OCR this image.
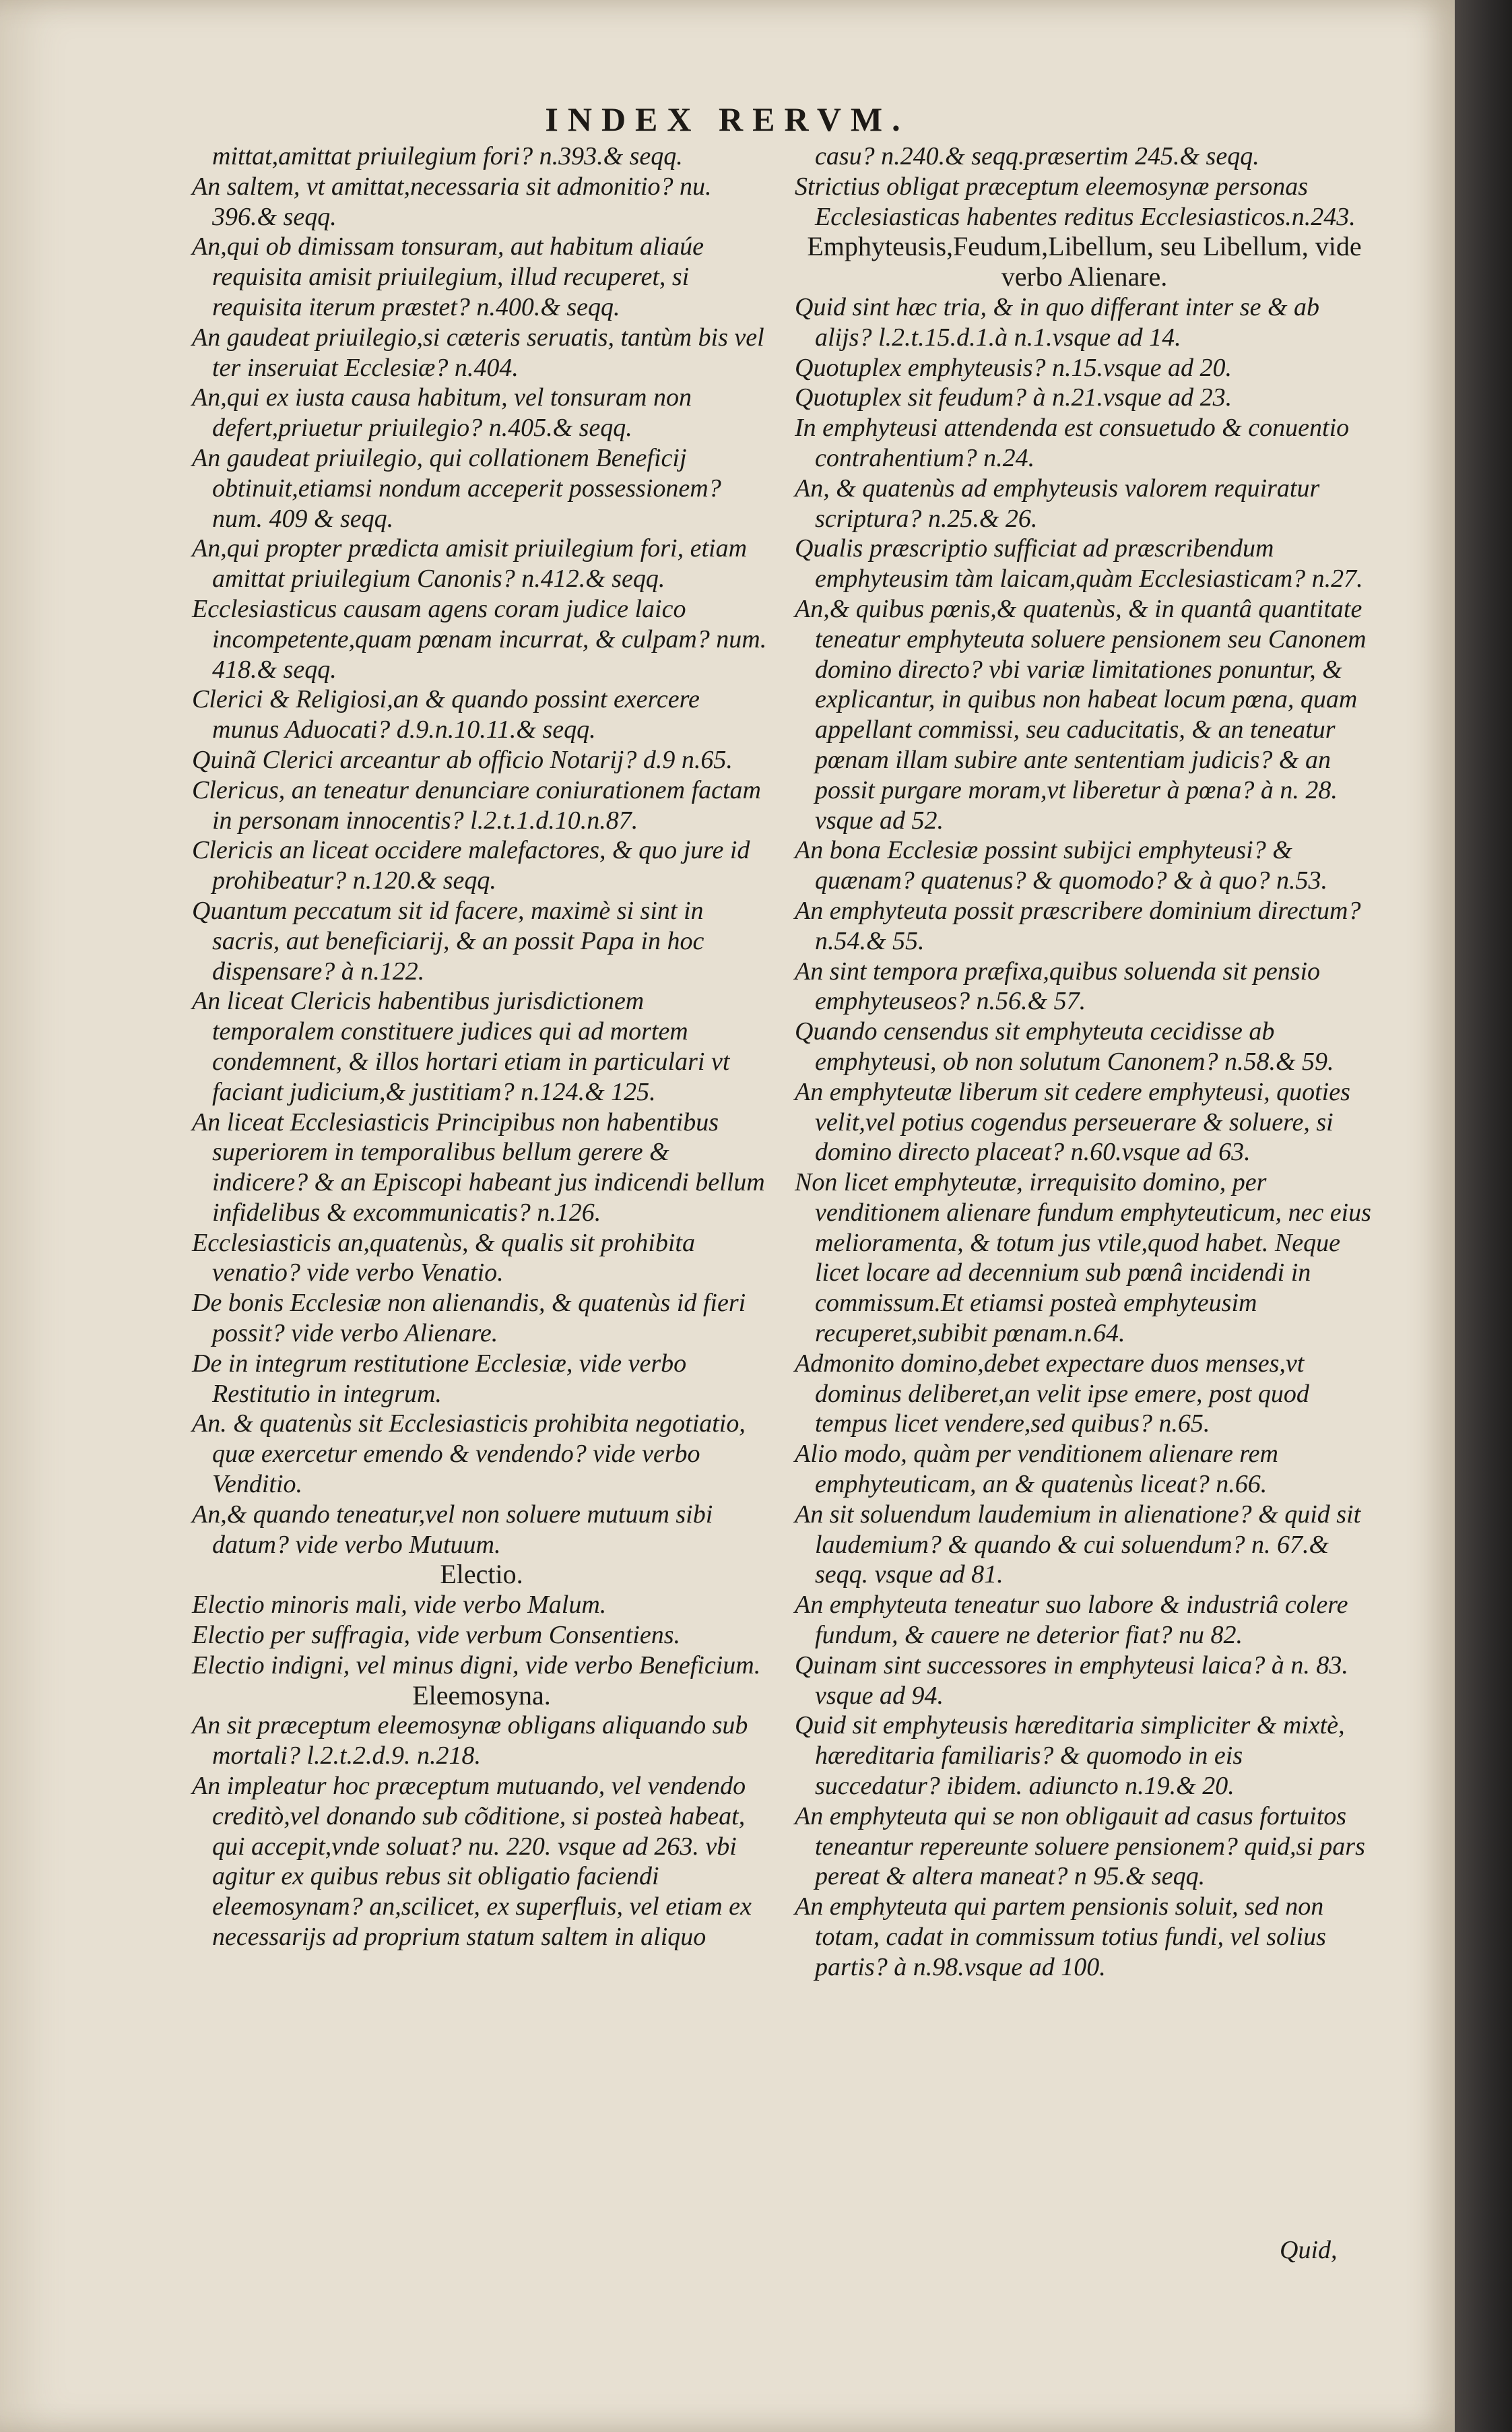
INDEX RERVM.

mittat,amittat priuilegium fori? n.393.& seqq.

An saltem, vt amittat,necessaria sit admonitio? nu. 396.& seqq.

An,qui ob dimissam tonsuram, aut habitum aliaúe requisita amisit priuilegium, illud recuperet, si requisita iterum præstet? n.400.& seqq.

An gaudeat priuilegio,si cæteris seruatis, tantùm bis vel ter inseruiat Ecclesiæ? n.404.

An,qui ex iusta causa habitum, vel tonsuram non defert,priuetur priuilegio? n.405.& seqq.

An gaudeat priuilegio, qui collationem Beneficij obtinuit,etiamsi nondum acceperit possessionem? num. 409 & seqq.

An,qui propter prædicta amisit priuilegium fori, etiam amittat priuilegium Canonis? n.412.& seqq.

Ecclesiasticus causam agens coram judice laico incompetente,quam pœnam incurrat, & culpam? num. 418.& seqq.

Clerici & Religiosi,an & quando possint exercere munus Aduocati? d.9.n.10.11.& seqq.

Quinã Clerici arceantur ab officio Notarij? d.9 n.65.

Clericus, an teneatur denunciare coniurationem factam in personam innocentis? l.2.t.1.d.10.n.87.

Clericis an liceat occidere malefactores, & quo jure id prohibeatur? n.120.& seqq.

Quantum peccatum sit id facere, maximè si sint in sacris, aut beneficiarij, & an possit Papa in hoc dispensare? à n.122.

An liceat Clericis habentibus jurisdictionem temporalem constituere judices qui ad mortem condemnent, & illos hortari etiam in particulari vt faciant judicium,& justitiam? n.124.& 125.

An liceat Ecclesiasticis Principibus non habentibus superiorem in temporalibus bellum gerere & indicere? & an Episcopi habeant jus indicendi bellum infidelibus & excommunicatis? n.126.

Ecclesiasticis an,quatenùs, & qualis sit prohibita venatio? vide verbo Venatio.

De bonis Ecclesiæ non alienandis, & quatenùs id fieri possit? vide verbo Alienare.

De in integrum restitutione Ecclesiæ, vide verbo Restitutio in integrum.

An. & quatenùs sit Ecclesiasticis prohibita negotiatio, quæ exercetur emendo & vendendo? vide verbo Venditio.

An,& quando teneatur,vel non soluere mutuum sibi datum? vide verbo Mutuum.

Electio.

Electio minoris mali, vide verbo Malum.

Electio per suffragia, vide verbum Consentiens.

Electio indigni, vel minus digni, vide verbo Beneficium.

Eleemosyna.

An sit præceptum eleemosynæ obligans aliquando sub mortali? l.2.t.2.d.9. n.218.

An impleatur hoc præceptum mutuando, vel vendendo creditò,vel donando sub cõditione, si posteà habeat, qui accepit,vnde soluat? nu. 220. vsque ad 263. vbi agitur ex quibus rebus sit obligatio faciendi eleemosynam? an,scilicet, ex superfluis, vel etiam ex necessarijs ad proprium statum saltem in aliquo

casu? n.240.& seqq.præsertim 245.& seqq.

Strictius obligat præceptum eleemosynæ personas Ecclesiasticas habentes reditus Ecclesiasticos.n.243.

Emphyteusis,Feudum,Libellum, seu Libellum, vide verbo Alienare.

Quid sint hæc tria, & in quo differant inter se & ab alijs? l.2.t.15.d.1.à n.1.vsque ad 14.

Quotuplex emphyteusis? n.15.vsque ad 20.

Quotuplex sit feudum? à n.21.vsque ad 23.

In emphyteusi attendenda est consuetudo & conuentio contrahentium? n.24.

An, & quatenùs ad emphyteusis valorem requiratur scriptura? n.25.& 26.

Qualis præscriptio sufficiat ad præscribendum emphyteusim tàm laicam,quàm Ecclesiasticam? n.27.

An,& quibus pœnis,& quatenùs, & in quantâ quantitate teneatur emphyteuta soluere pensionem seu Canonem domino directo? vbi variæ limitationes ponuntur, & explicantur, in quibus non habeat locum pœna, quam appellant commissi, seu caducitatis, & an teneatur pœnam illam subire ante sententiam judicis? & an possit purgare moram,vt liberetur à pœna? à n. 28. vsque ad 52.

An bona Ecclesiæ possint subijci emphyteusi? & quænam? quatenus? & quomodo? & à quo? n.53.

An emphyteuta possit præscribere dominium directum? n.54.& 55.

An sint tempora præfixa,quibus soluenda sit pensio emphyteuseos? n.56.& 57.

Quando censendus sit emphyteuta cecidisse ab emphyteusi, ob non solutum Canonem? n.58.& 59.

An emphyteutæ liberum sit cedere emphyteusi, quoties velit,vel potius cogendus perseuerare & soluere, si domino directo placeat? n.60.vsque ad 63.

Non licet emphyteutæ, irrequisito domino, per venditionem alienare fundum emphyteuticum, nec eius melioramenta, & totum jus vtile,quod habet. Neque licet locare ad decennium sub pœnâ incidendi in commissum.Et etiamsi posteà emphyteusim recuperet,subibit pœnam.n.64.

Admonito domino,debet expectare duos menses,vt dominus deliberet,an velit ipse emere, post quod tempus licet vendere,sed quibus? n.65.

Alio modo, quàm per venditionem alienare rem emphyteuticam, an & quatenùs liceat? n.66.

An sit soluendum laudemium in alienatione? & quid sit laudemium? & quando & cui soluendum? n. 67.& seqq. vsque ad 81.

An emphyteuta teneatur suo labore & industriâ colere fundum, & cauere ne deterior fiat? nu 82.

Quinam sint successores in emphyteusi laica? à n. 83. vsque ad 94.

Quid sit emphyteusis hæreditaria simpliciter & mixtè, hæreditaria familiaris? & quomodo in eis succedatur? ibidem. adiuncto n.19.& 20.

An emphyteuta qui se non obligauit ad casus fortuitos teneantur repereunte soluere pensionem? quid,si pars pereat & altera maneat? n 95.& seqq.

An emphyteuta qui partem pensionis soluit, sed non totam, cadat in commissum totius fundi, vel solius partis? à n.98.vsque ad 100.

Quid,
